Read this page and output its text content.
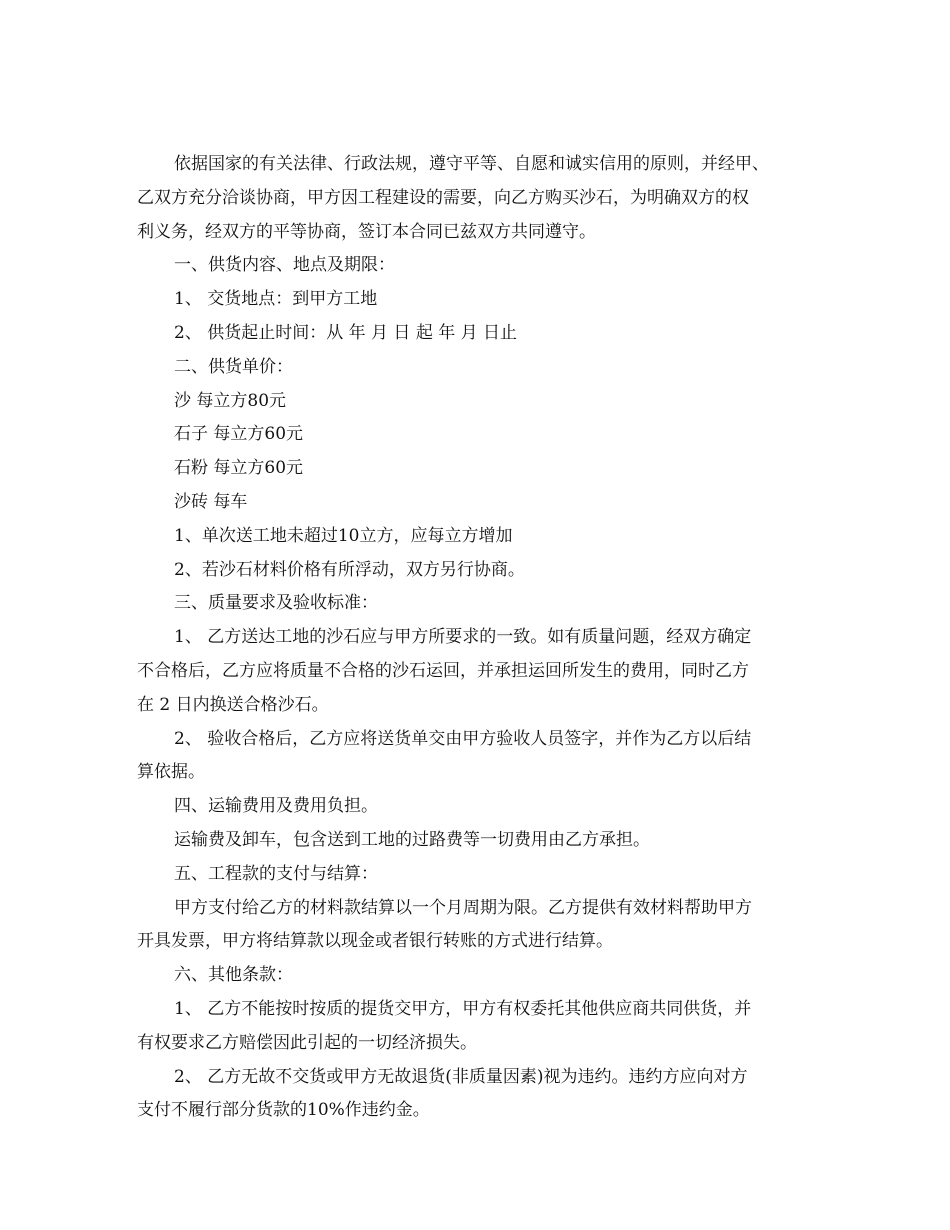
依据国家的有关法律、行政法规，遵守平等、自愿和诚实信用的原则，并经甲、
乙双方充分洽谈协商，甲方因工程建设的需要，向乙方购买沙石，为明确双方的权
利义务，经双方的平等协商，签订本合同已兹双方共同遵守。
一、供货内容、地点及期限：
1、 交货地点：到甲方工地
2、 供货起止时间：从 年 月 日 起 年 月 日止
二、供货单价：
沙 每立方80元
石子 每立方60元
石粉 每立方60元
沙砖 每车
1、单次送工地未超过10立方，应每立方增加
2、若沙石材料价格有所浮动，双方另行协商。
三、质量要求及验收标准：
1、 乙方送达工地的沙石应与甲方所要求的一致。如有质量问题，经双方确定
不合格后，乙方应将质量不合格的沙石运回，并承担运回所发生的费用，同时乙方
在 2 日内换送合格沙石。
2、 验收合格后，乙方应将送货单交由甲方验收人员签字，并作为乙方以后结
算依据。
四、运输费用及费用负担。
运输费及卸车，包含送到工地的过路费等一切费用由乙方承担。
五、工程款的支付与结算：
甲方支付给乙方的材料款结算以一个月周期为限。乙方提供有效材料帮助甲方
开具发票，甲方将结算款以现金或者银行转账的方式进行结算。
六、其他条款：
1、 乙方不能按时按质的提货交甲方，甲方有权委托其他供应商共同供货，并
有权要求乙方赔偿因此引起的一切经济损失。
2、 乙方无故不交货或甲方无故退货(非质量因素)视为违约。违约方应向对方
支付不履行部分货款的10%作违约金。
